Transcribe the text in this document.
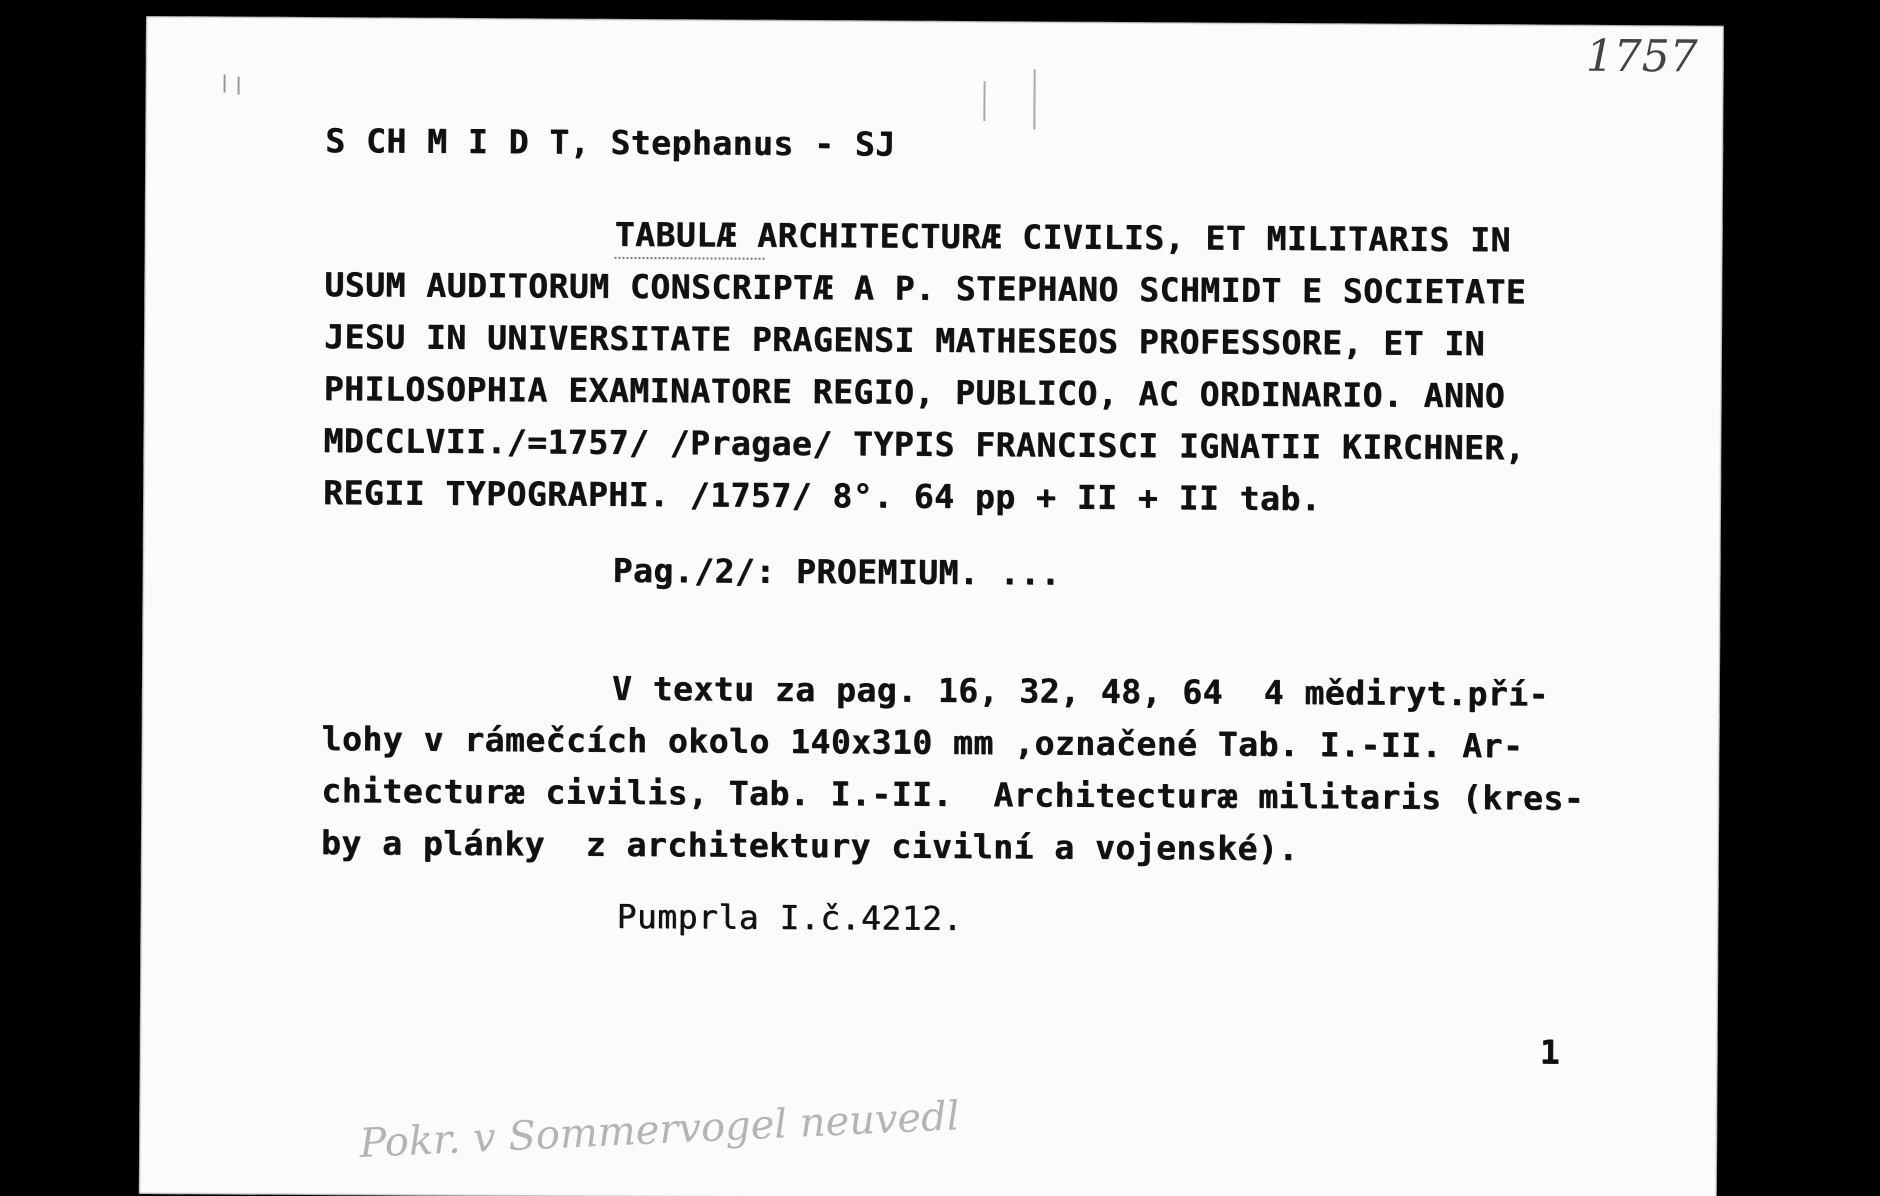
1757
S CH M I D T, Stephanus - SJ
TABULÆ ARCHITECTURÆ CIVILIS, ET MILITARIS IN
USUM AUDITORUM CONSCRIPTÆ A P. STEPHANO SCHMIDT E SOCIETATE
JESU IN UNIVERSITATE PRAGENSI MATHESEOS PROFESSORE, ET IN
PHILOSOPHIA EXAMINATORE REGIO, PUBLICO, AC ORDINARIO. ANNO
MDCCLVII./=1757/ /Pragae/ TYPIS FRANCISCI IGNATII KIRCHNER,
REGII TYPOGRAPHI. /1757/ 8°. 64 pp + II + II tab.
Pag./2/: PROEMIUM. ...
V textu za pag. 16, 32, 48, 64  4 mědiryt.pří-
lohy v rámečcích okolo 140x310 mm ,označené Tab. I.-II. Ar-
chitecturæ civilis, Tab. I.-II.  Architecturæ militaris (kres-
by a plánky  z architektury civilní a vojenské).
Pumprla I.č.4212.
1
Pokr. v Sommervogel neuvedl
